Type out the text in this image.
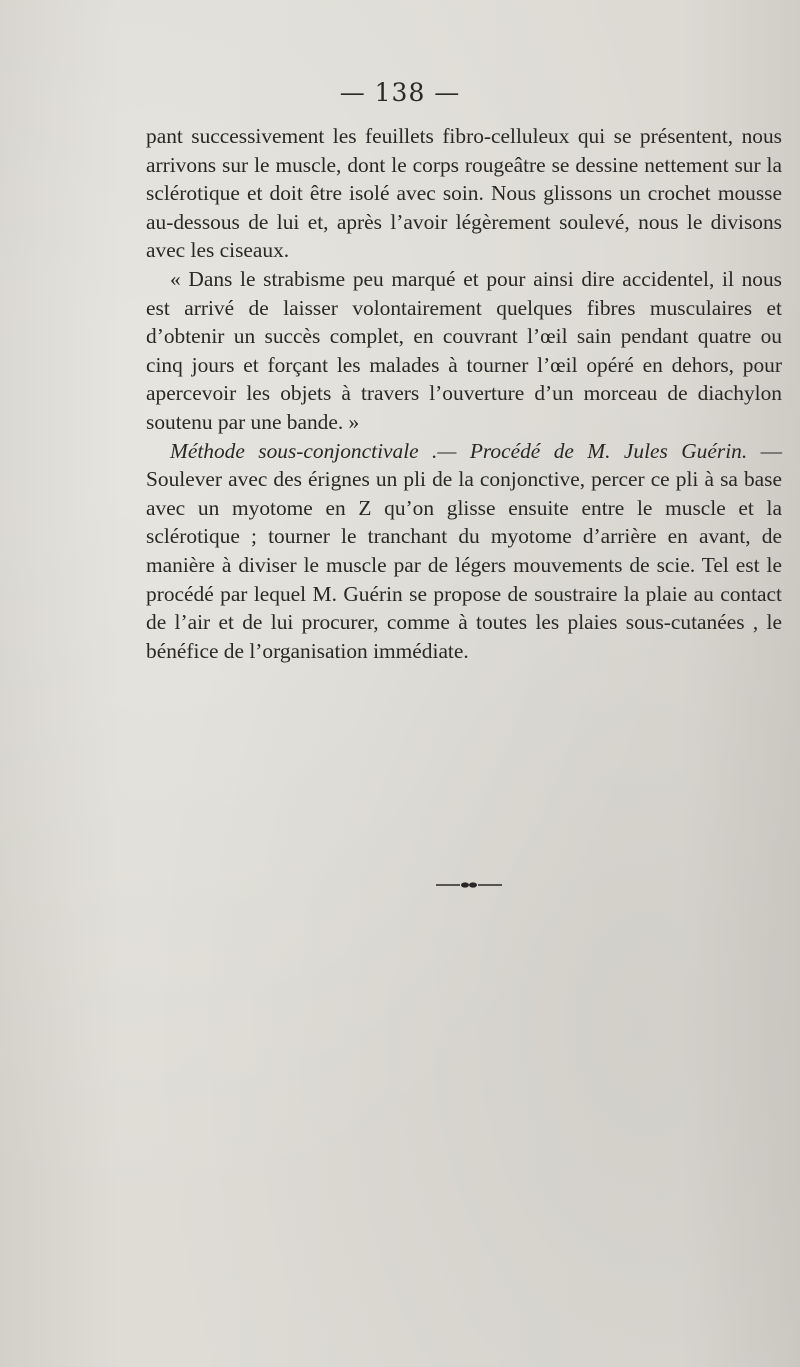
— 138 —

pant successivement les feuillets fibro-celluleux qui se présentent, nous arrivons sur le muscle, dont le corps rougeâtre se dessine nettement sur la sclérotique et doit être isolé avec soin. Nous glissons un crochet mousse au-dessous de lui et, après l’avoir légèrement soulevé, nous le divisons avec les ciseaux.

« Dans le strabisme peu marqué et pour ainsi dire accidentel, il nous est arrivé de laisser volontairement quelques fibres musculaires et d’obtenir un succès complet, en couvrant l’œil sain pendant quatre ou cinq jours et forçant les malades à tourner l’œil opéré en dehors, pour apercevoir les objets à travers l’ouverture d’un morceau de diachylon soutenu par une bande. »

Méthode sous-conjonctivale .— Procédé de M. Jules Guérin. — Soulever avec des érignes un pli de la conjonctive, percer ce pli à sa base avec un myotome en Z qu’on glisse ensuite entre le muscle et la sclérotique ; tourner le tranchant du myotome d’arrière en avant, de manière à diviser le muscle par de légers mouvements de scie. Tel est le procédé par lequel M. Guérin se propose de soustraire la plaie au contact de l’air et de lui procurer, comme à toutes les plaies sous-cutanées , le bénéfice de l’organisation immédiate.
